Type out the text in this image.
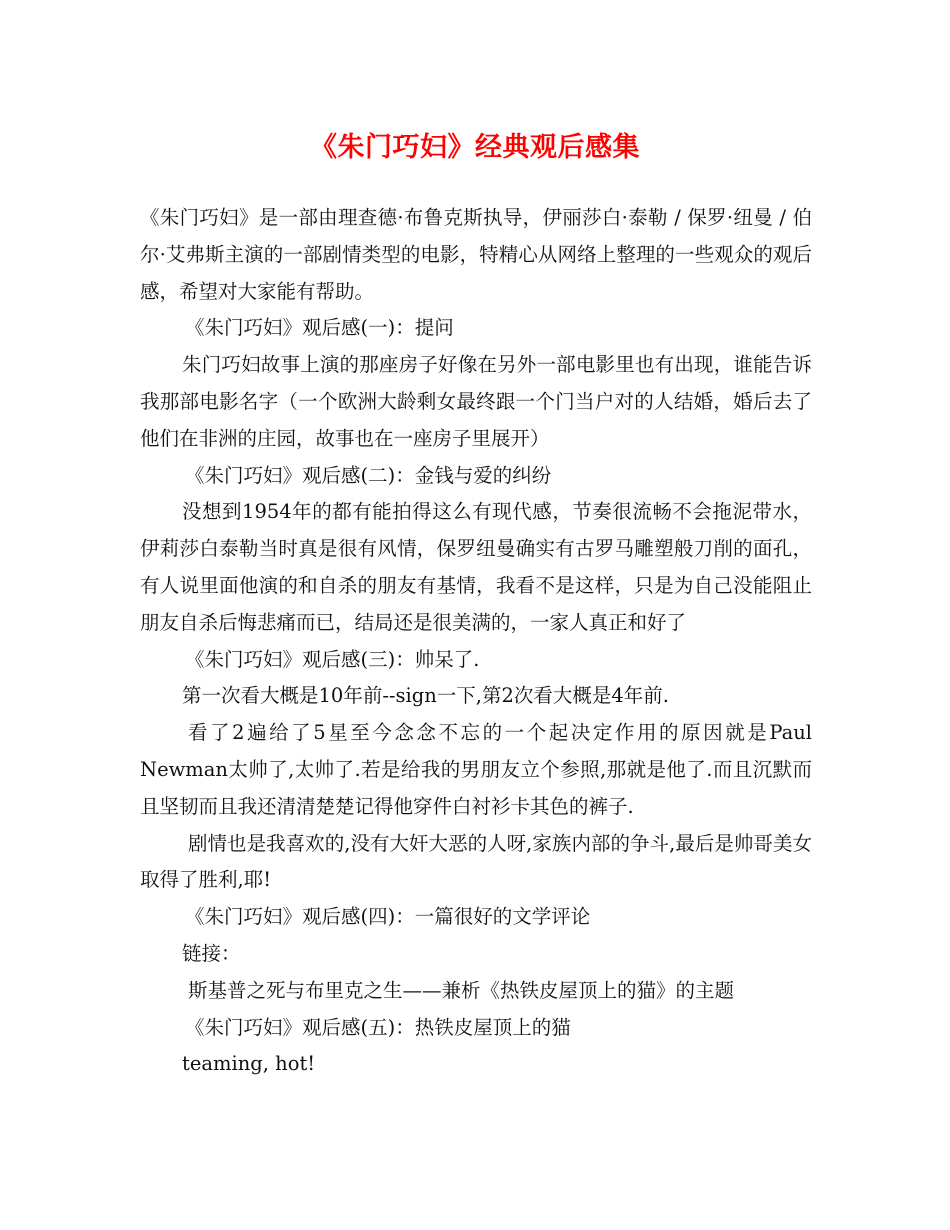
《朱门巧妇》经典观后感集

《朱门巧妇》是一部由理查德·布鲁克斯执导，伊丽莎白·泰勒 / 保罗·纽曼 / 伯尔·艾弗斯主演的一部剧情类型的电影，特精心从网络上整理的一些观众的观后感，希望对大家能有帮助。

《朱门巧妇》观后感(一)：提问

朱门巧妇故事上演的那座房子好像在另外一部电影里也有出现，谁能告诉我那部电影名字（一个欧洲大龄剩女最终跟一个门当户对的人结婚，婚后去了他们在非洲的庄园，故事也在一座房子里展开）

《朱门巧妇》观后感(二)：金钱与爱的纠纷

没想到1954年的都有能拍得这么有现代感，节奏很流畅不会拖泥带水，伊莉莎白泰勒当时真是很有风情，保罗纽曼确实有古罗马雕塑般刀削的面孔，有人说里面他演的和自杀的朋友有基情，我看不是这样，只是为自己没能阻止朋友自杀后悔悲痛而已，结局还是很美满的，一家人真正和好了

《朱门巧妇》观后感(三)：帅呆了.

第一次看大概是10年前--sign一下,第2次看大概是4年前.

看了2遍给了5星至今念念不忘的一个起决定作用的原因就是Paul Newman太帅了,太帅了.若是给我的男朋友立个参照,那就是他了.而且沉默而且坚韧而且我还清清楚楚记得他穿件白衬衫卡其色的裤子.

剧情也是我喜欢的,没有大奸大恶的人呀,家族内部的争斗,最后是帅哥美女取得了胜利,耶!

《朱门巧妇》观后感(四)：一篇很好的文学评论

链接：

斯基普之死与布里克之生——兼析《热铁皮屋顶上的猫》的主题

《朱门巧妇》观后感(五)：热铁皮屋顶上的猫

teaming, hot!
